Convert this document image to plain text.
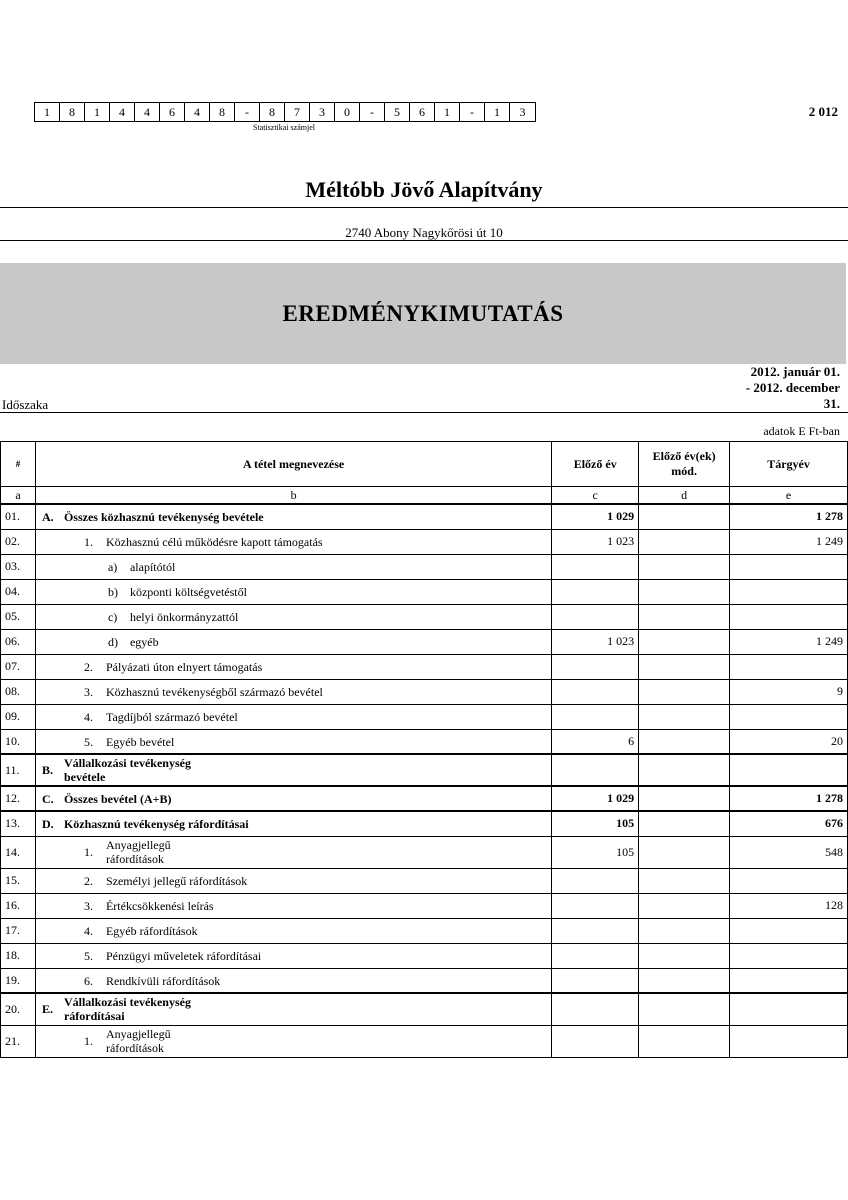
1	8	1	4	4	6	4	8	-	8	7	3	0	-	5	6	1	-	1	3
Statisztikai számjel
2 012
Méltóbb Jövő Alapítvány
2740 Abony Nagykőrösi út 10
EREDMÉNYKIMUTATÁS
2012. január 01.
- 2012. december
31.
Időszaka
adatok E Ft-ban
#	A tétel megnevezése	Előző év	Előző év(ek) mód.	Tárgyév
a	b	c	d	e
01.	A. Összes közhasznú tevékenység bevétele	1 029		1 278
02.	1. Közhasznú célú működésre kapott támogatás	1 023		1 249
03.	a) alapítótól			
04.	b) központi költségvetéstől			
05.	c) helyi önkormányzattól			
06.	d) egyéb	1 023		1 249
07.	2. Pályázati úton elnyert támogatás			
08.	3. Közhasznú tevékenységből származó bevétel			9
09.	4. Tagdíjból származó bevétel			
10.	5. Egyéb bevétel	6		20
11.	B. Vállalkozási tevékenység
bevétele			
12.	C. Összes bevétel (A+B)	1 029		1 278
13.	D. Közhasznú tevékenység ráfordításai	105		676
14.	1. Anyagjellegű
ráfordítások	105		548
15.	2. Személyi jellegű ráfordítások			
16.	3. Értékcsökkenési leírás			128
17.	4. Egyéb ráfordítások			
18.	5. Pénzügyi műveletek ráfordításai			
19.	6. Rendkívüli ráfordítások			
20.	E. Vállalkozási tevékenység
ráfordításai			
21.	1. Anyagjellegű
ráfordítások			
